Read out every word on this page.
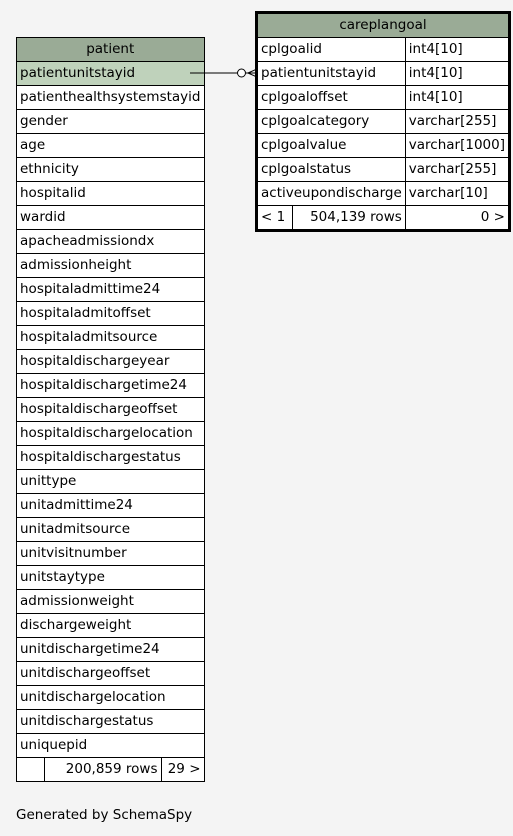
patient
patientunitstayid
patienthealthsystemstayid
gender
age
ethnicity
hospitalid
wardid
apacheadmissiondx
admissionheight
hospitaladmittime24
hospitaladmitoffset
hospitaladmitsource
hospitaldischargeyear
hospitaldischargetime24
hospitaldischargeoffset
hospitaldischargelocation
hospitaldischargestatus
unittype
unitadmittime24
unitadmitsource
unitvisitnumber
unitstaytype
admissionweight
dischargeweight
unitdischargetime24
unitdischargeoffset
unitdischargelocation
unitdischargestatus
uniquepid
	200,859 rows	29 >
careplangoal		
cplgoalid		int4[10]
patientunitstayid		int4[10]
cplgoaloffset		int4[10]
cplgoalcategory		varchar[255]
cplgoalvalue		varchar[1000]
cplgoalstatus		varchar[255]
activeupondischarge		varchar[10]
< 1	504,139 rows	0 >
Generated by SchemaSpy
